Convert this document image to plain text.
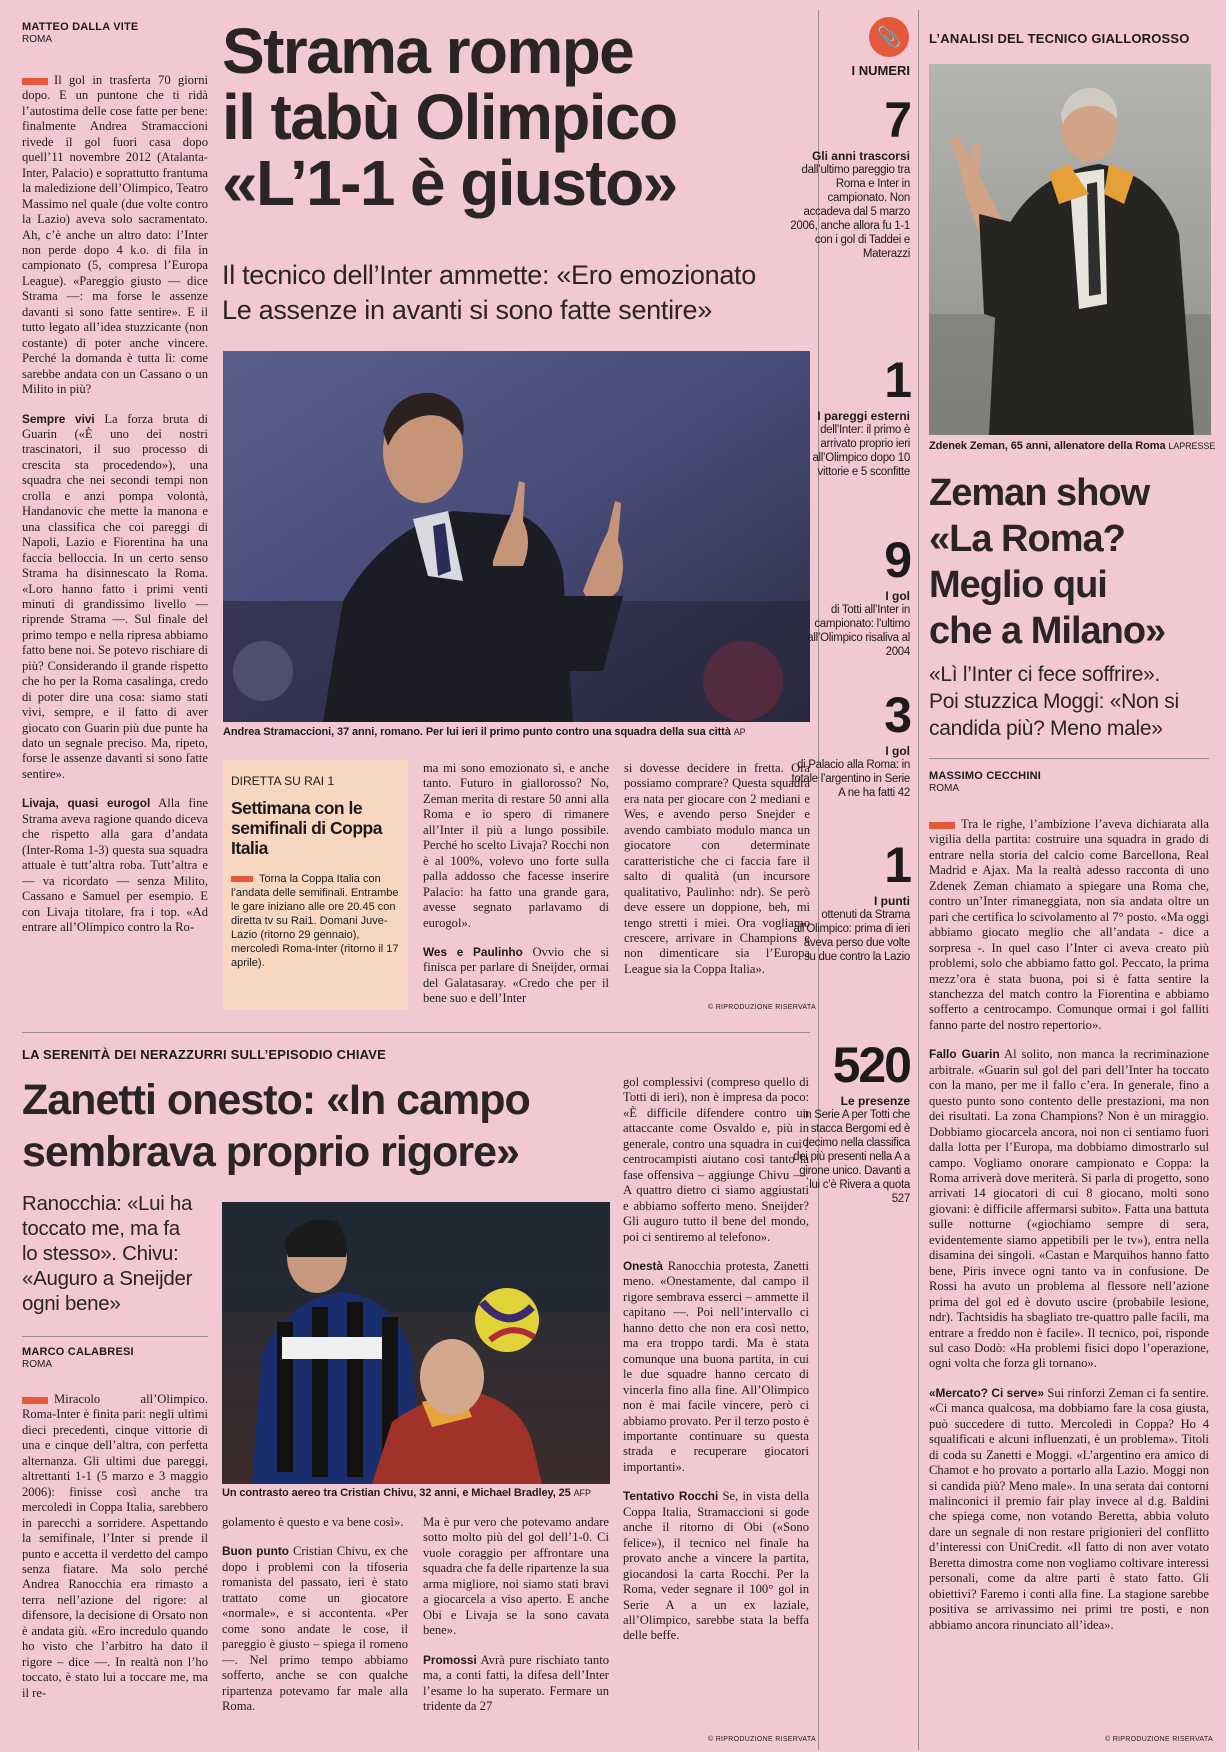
MATTEO DALLA VITE
ROMA	Strama rompe
il tabù Olimpico
«L’1-1 è giusto»
Il tecnico dell’Inter ammette: «Ero emozionato
Le assenze in avanti si sono fatte sentire»
Andrea Stramaccioni, 37 anni, romano. Per lui ieri il primo punto contro una squadra della sua città AP

Il gol in trasferta 70 giorni dopo. E un puntone che ti ridà l’autostima delle cose fatte per bene: finalmente Andrea Stramaccioni rivede il gol fuori casa dopo quell’11 novembre 2012 (Atalanta-Inter, Palacio) e soprattutto frantuma la maledizione dell’Olimpico, Teatro Massimo nel quale (due volte contro la Lazio) aveva solo sacramentato. Ah, c’è anche un altro dato: l’Inter non perde dopo 4 k.o. di fila in campionato (5, compresa l’Europa League). «Pareggio giusto — dice Strama —: ma forse le assenze davanti si sono fatte sentire». E il tutto legato all’idea stuzzicante (non costante) di poter anche vincere. Perché la domanda è tutta lì: come sarebbe andata con un Cassano o un Milito in più?

Sempre vivi La forza bruta di Guarin («È uno dei nostri trascinatori, il suo processo di crescita sta procedendo»), una squadra che nei secondi tempi non crolla e anzi pompa volontà, Handanovic che mette la manona e una classifica che coi pareggi di Napoli, Lazio e Fiorentina ha una faccia belloccia. In un certo senso Strama ha disinnescato la Roma. «Loro hanno fatto i primi venti minuti di grandissimo livello — riprende Strama —. Sul finale del primo tempo e nella ripresa abbiamo fatto bene noi. Se potevo rischiare di più? Considerando il grande rispetto che ho per la Roma casalinga, credo di poter dire una cosa: siamo stati vivi, sempre, e il fatto di aver giocato con Guarin più due punte ha dato un segnale preciso. Ma, ripeto, forse le assenze davanti si sono fatte sentire».

Livaja, quasi eurogol Alla fine Strama aveva ragione quando diceva che rispetto alla gara d’andata (Inter-Roma 1-3) questa sua squadra attuale è tutt’altra roba. Tutt’altra e — va ricordato — senza Milito, Cassano e Samuel per esempio. E con Livaja titolare, fra i top. «Ad entrare all’Olimpico contro la Ro-

DIRETTA SU RAI 1
Settimana con le semifinali di Coppa Italia
Torna la Coppa Italia con l’andata delle semifinali. Entrambe le gare iniziano alle ore 20.45 con diretta tv su Rai1. Domani Juve-Lazio (ritorno 29 gennaio), mercoledì Roma-Inter (ritorno il 17 aprile).

ma mi sono emozionato sì, e anche tanto. Futuro in giallorosso? No, Zeman merita di restare 50 anni alla Roma e io spero di rimanere all’Inter il più a lungo possibile. Perché ho scelto Livaja? Rocchi non è al 100%, volevo uno forte sulla palla addosso che facesse inserire Palacio: ha fatto una grande gara, avesse segnato parlavamo di eurogol».

Wes e Paulinho Ovvio che si finisca per parlare di Sneijder, ormai del Galatasaray. «Credo che per il bene suo e dell’Inter

si dovesse decidere in fretta. Ora possiamo comprare? Questa squadra era nata per giocare con 2 mediani e Wes, e avendo perso Snejder e avendo cambiato modulo manca un giocatore con determinate caratteristiche che ci faccia fare il salto di qualità (un incursore qualitativo, Paulinho: ndr). Se però deve essere un doppione, beh, mi tengo stretti i miei. Ora vogliamo crescere, arrivare in Champions e non dimenticare sia l’Europa League sia la Coppa Italia».

© RIPRODUZIONE RISERVATA
📎
I NUMERI
7
Gli anni trascorsi
dall’ultimo pareggio tra Roma e Inter in campionato. Non accadeva dal 5 marzo 2006, anche allora fu 1-1 con i gol di Taddei e Materazzi
1
I pareggi esterni
dell’Inter: il primo è arrivato proprio ieri all’Olimpico dopo 10 vittorie e 5 sconfitte
9
I gol
di Totti all’Inter in campionato: l’ultimo all’Olimpico risaliva al 2004
3
I gol
di Palacio alla Roma: in totale l’argentino in Serie A ne ha fatti 42
1
I punti
ottenuti da Strama all’Olimpico: prima di ieri aveva perso due volte su due contro la Lazio
520
Le presenze
in Serie A per Totti che stacca Bergomi ed è decimo nella classifica dei più presenti nella A a girone unico. Davanti a lui c’è Rivera a quota 527
L’ANALISI DEL TECNICO GIALLOROSSO
Zdenek Zeman, 65 anni, allenatore della Roma LAPRESSE
Zeman show
«La Roma?
Meglio qui
che a Milano»
«Lì l’Inter ci fece soffrire».
Poi stuzzica Moggi: «Non si
candida più? Meno male»
MASSIMO CECCHINI
ROMA

Tra le righe, l’ambizione l’aveva dichiarata alla vigilia della partita: costruire una squadra in grado di entrare nella storia del calcio come Barcellona, Real Madrid e Ajax. Ma la realtà adesso racconta di uno Zdenek Zeman chiamato a spiegare una Roma che, contro un’Inter rimaneggiata, non sia andata oltre un pari che certifica lo scivolamento al 7° posto. «Ma oggi abbiamo giocato meglio che all’andata - dice a sorpresa -. In quel caso l’Inter ci aveva creato più problemi, solo che abbiamo fatto gol. Peccato, la prima mezz’ora è stata buona, poi si è fatta sentire la stanchezza del match contro la Fiorentina e abbiamo sofferto a centrocampo. Comunque ormai i gol falliti fanno parte del nostro repertorio».

Fallo Guarin Al solito, non manca la recriminazione arbitrale. «Guarin sul gol del pari dell’Inter ha toccato con la mano, per me il fallo c’era. In generale, fino a questo punto sono contento delle prestazioni, ma non dei risultati. La zona Champions? Non è un miraggio. Dobbiamo giocarcela ancora, noi non ci sentiamo fuori dalla lotta per l’Europa, ma dobbiamo dimostrarlo sul campo. Vogliamo onorare campionato e Coppa: la Roma arriverà dove meriterà. Si parla di progetto, sono arrivati 14 giocatori di cui 8 giocano, molti sono giovani: è difficile affermarsi subito». Fatta una battuta sulle notturne («giochiamo sempre di sera, evidentemente siamo appetibili per le tv»), entra nella disamina dei singoli. «Castan e Marquihos hanno fatto bene, Piris invece ogni tanto va in confusione. De Rossi ha avuto un problema al flessore nell’azione prima del gol ed è dovuto uscire (probabile lesione, ndr). Tachtsidis ha sbagliato tre-quattro palle facili, ma entrare a freddo non è facile». Il tecnico, poi, risponde sul caso Dodò: «Ha problemi fisici dopo l’operazione, ogni volta che forza gli tornano».

«Mercato? Ci serve» Sui rinforzi Zeman ci fa sentire. «Ci manca qualcosa, ma dobbiamo fare la cosa giusta, può succedere di tutto. Mercoledì in Coppa? Ho 4 squalificati e alcuni influenzati, è un problema». Titoli di coda su Zanetti e Moggi. «L’argentino era amico di Chamot e ho provato a portarlo alla Lazio. Moggi non si candida più? Meno male». In una serata dai contorni malinconici il premio fair play invece al d.g. Baldini che spiega come, non votando Beretta, abbia voluto dare un segnale di non restare prigionieri del conflitto d’interessi con UniCredit. «Il fatto di non aver votato Beretta dimostra come non vogliamo coltivare interessi personali, come da altre parti è stato fatto. Gli obiettivi? Faremo i conti alla fine. La stagione sarebbe positiva se arrivassimo nei primi tre posti, e non abbiamo ancora rinunciato all’idea».

© RIPRODUZIONE RISERVATA
LA SERENITÀ DEI NERAZZURRI SULL’EPISODIO CHIAVE
Zanetti onesto: «In campo
sembrava proprio rigore»
Ranocchia: «Lui ha
toccato me, ma fa
lo stesso». Chivu:
«Auguro a Sneijder
ogni bene»
MARCO CALABRESI
ROMA

Miracolo all’Olimpico. Roma-Inter è finita pari: negli ultimi dieci precedenti, cinque vittorie di una e cinque dell’altra, con perfetta alternanza. Gli ultimi due pareggi, altrettanti 1-1 (5 marzo e 3 maggio 2006): finisse così anche tra mercoledì in Coppa Italia, sarebbero in parecchi a sorridere. Aspettando la semifinale, l’Inter si prende il punto e accetta il verdetto del campo senza fiatare. Ma solo perché Andrea Ranocchia era rimasto a terra nell’azione del rigore: al difensore, la decisione di Orsato non è andata giù. «Ero incredulo quando ho visto che l’arbitro ha dato il rigore – dice —. In realtà non l’ho toccato, è stato lui a toccare me, ma il re-

Un contrasto aereo tra Cristian Chivu, 32 anni, e Michael Bradley, 25 AFP

gol complessivi (compreso quello di Totti di ieri), non è impresa da poco: «È difficile difendere contro un attaccante come Osvaldo e, più in generale, contro una squadra in cui i centrocampisti aiutano così tanto la fase offensiva – aggiunge Chivu —. A quattro dietro ci siamo aggiustati e abbiamo sofferto meno. Sneijder? Gli auguro tutto il bene del mondo, poi ci sentiremo al telefono».

Onestà Ranocchia protesta, Zanetti meno. «Onestamente, dal campo il rigore sembrava esserci – ammette il capitano —. Poi nell’intervallo ci hanno detto che non era così netto, ma era troppo tardi. Ma è stata comunque una buona partita, in cui le due squadre hanno cercato di vincerla fino alla fine. All’Olimpico non è mai facile vincere, però ci abbiamo provato. Per il terzo posto è importante continuare su questa strada e recuperare giocatori importanti».

Tentativo Rocchi Se, in vista della Coppa Italia, Stramaccioni si gode anche il ritorno di Obi («Sono felice»), il tecnico nel finale ha provato anche a vincere la partita, giocandosi la carta Rocchi. Per la Roma, veder segnare il 100° gol in Serie A a un ex laziale, all’Olimpico, sarebbe stata la beffa delle beffe.

golamento è questo e va bene così».

Buon punto Cristian Chivu, ex che dopo i problemi con la tifoseria romanista del passato, ieri è stato trattato come un giocatore «normale», e si accontenta. «Per come sono andate le cose, il pareggio è giusto – spiega il romeno —. Nel primo tempo abbiamo sofferto, anche se con qualche ripartenza potevamo far male alla Roma.

Ma è pur vero che potevamo andare sotto molto più del gol dell’1-0. Ci vuole coraggio per affrontare una squadra che fa delle ripartenze la sua arma migliore, noi siamo stati bravi a giocarcela a viso aperto. E anche Obi e Livaja se la sono cavata bene».

Promossi Avrà pure rischiato tanto ma, a conti fatti, la difesa dell’Inter l’esame lo ha superato. Fermare un tridente da 27

© RIPRODUZIONE RISERVATA
